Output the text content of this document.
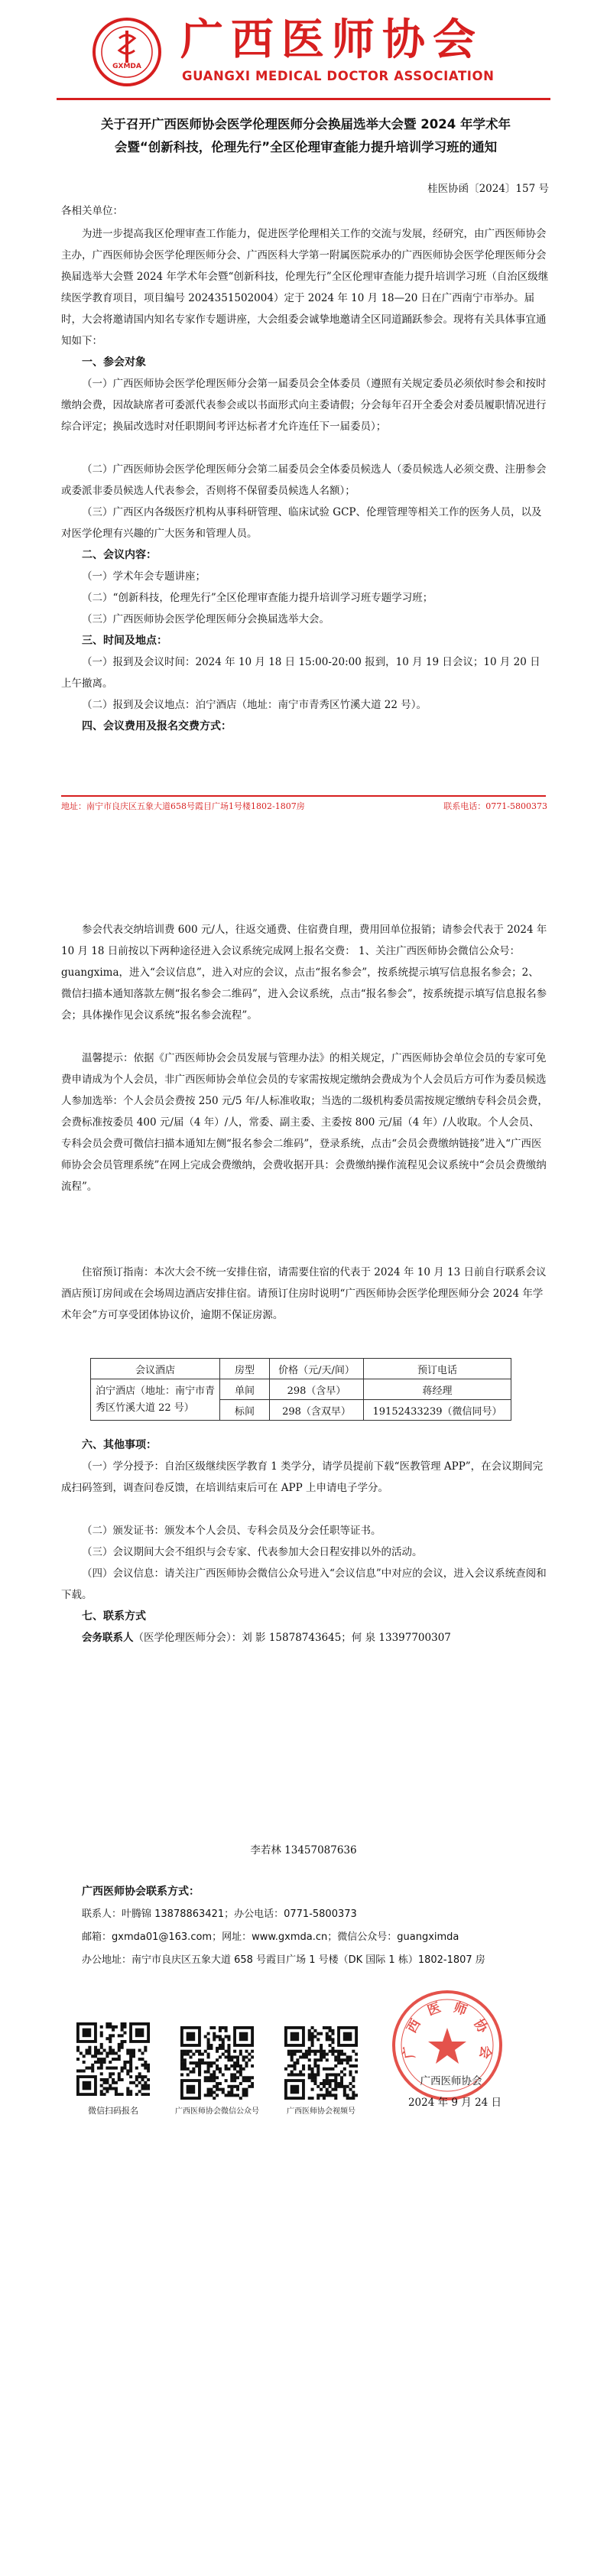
GXMDA
广西医师协会
GUANGXI MEDICAL DOCTOR ASSOCIATION
关于召开广西医师协会医学伦理医师分会换届选举大会暨 2024 年学术年
会暨“创新科技，伦理先行”全区伦理审查能力提升培训学习班的通知
桂医协函〔2024〕157 号

各相关单位：

为进一步提高我区伦理审查工作能力，促进医学伦理相关工作的交流与发展，经研究，由广西医师协会主办，广西医师协会医学伦理医师分会、广西医科大学第一附属医院承办的广西医师协会医学伦理医师分会换届选举大会暨 2024 年学术年会暨“创新科技，伦理先行”全区伦理审查能力提升培训学习班（自治区级继续医学教育项目，项目编号 2024351502004）定于 2024 年 10 月 18—20 日在广西南宁市举办。届时，大会将邀请国内知名专家作专题讲座，大会组委会诚挚地邀请全区同道踊跃参会。现将有关具体事宜通知如下：

一、参会对象

（一）广西医师协会医学伦理医师分会第一届委员会全体委员（遵照有关规定委员必须依时参会和按时缴纳会费，因故缺席者可委派代表参会或以书面形式向主委请假；分会每年召开全委会对委员履职情况进行综合评定；换届改选时对任职期间考评达标者才允许连任下一届委员）；

（二）广西医师协会医学伦理医师分会第二届委员会全体委员候选人（委员候选人必须交费、注册参会或委派非委员候选人代表参会，否则将不保留委员候选人名额）；

（三）广西区内各级医疗机构从事科研管理、临床试验 GCP、伦理管理等相关工作的医务人员，以及对医学伦理有兴趣的广大医务和管理人员。

二、会议内容：

（一）学术年会专题讲座；

（二）“创新科技，伦理先行”全区伦理审查能力提升培训学习班专题学习班；

（三）广西医师协会医学伦理医师分会换届选举大会。

三、时间及地点：

（一）报到及会议时间：2024 年 10 月 18 日 15:00-20:00 报到，10 月 19 日会议；10 月 20 日上午撤离。

（二）报到及会议地点：泊宁酒店（地址：南宁市青秀区竹溪大道 22 号）。

四、会议费用及报名交费方式：

地址：南宁市良庆区五象大道658号霞目广场1号楼1802-1807房	联系电话：0771-5800373

参会代表交纳培训费 600 元/人，往返交通费、住宿费自理，费用回单位报销；请参会代表于 2024 年 10 月 18 日前按以下两种途径进入会议系统完成网上报名交费： 1、关注广西医师协会微信公众号：guangxima，进入“会议信息”，进入对应的会议，点击“报名参会”，按系统提示填写信息报名参会；2、微信扫描本通知落款左侧“报名参会二维码”，进入会议系统，点击“报名参会”，按系统提示填写信息报名参会；具体操作见会议系统“报名参会流程”。

温馨提示：依据《广西医师协会会员发展与管理办法》的相关规定，广西医师协会单位会员的专家可免费申请成为个人会员，非广西医师协会单位会员的专家需按规定缴纳会费成为个人会员后方可作为委员候选人参加选举：个人会员会费按 250 元/5 年/人标准收取；当选的二级机构委员需按规定缴纳专科会员会费，会费标准按委员 400 元/届（4 年）/人，常委、副主委、主委按 800 元/届（4 年）/人收取。个人会员、专科会员会费可微信扫描本通知左侧“报名参会二维码”，登录系统，点击“会员会费缴纳链接”进入“广西医师协会会员管理系统”在网上完成会费缴纳，会费收据开具：会费缴纳操作流程见会议系统中“会员会费缴纳流程”。

住宿预订指南：本次大会不统一安排住宿，请需要住宿的代表于 2024 年 10 月 13 日前自行联系会议酒店预订房间或在会场周边酒店安排住宿。请预订住房时说明“广西医师协会医学伦理医师分会 2024 年学术年会”方可享受团体协议价，逾期不保证房源。

会议酒店	房型	价格（元/天/间）	预订电话
泊宁酒店（地址：南宁市青秀区竹溪大道 22 号）	单间	298（含早）	蒋经理
	标间	298（含双早）	19152433239（微信同号）

六、其他事项：

（一）学分授予：自治区级继续医学教育 1 类学分，请学员提前下载“医教管理 APP”，在会议期间完成扫码签到，调查问卷反馈，在培训结束后可在 APP 上申请电子学分。

（二）颁发证书：颁发本个人会员、专科会员及分会任职等证书。

（三）会议期间大会不组织与会专家、代表参加大会日程安排以外的活动。

（四）会议信息：请关注广西医师协会微信公众号进入“会议信息”中对应的会议，进入会议系统查阅和下载。

七、联系方式

会务联系人（医学伦理医师分会）：刘 影 15878743645；何 泉 13397700307

李若林 13457087636

广西医师协会联系方式：

联系人：叶腾锦 13878863421；办公电话：0771-5800373

邮箱：gxmda01@163.com；网址：www.gxmda.cn；微信公众号：guangximda

办公地址：南宁市良庆区五象大道 658 号霞目广场 1 号楼（DK 国际 1 栋）1802-1807 房

微信扫码报名	广西医师协会微信公众号	广西医师协会视频号
广
西
医 师
协
会
广西医师协会
2024 年 9 月 24 日
